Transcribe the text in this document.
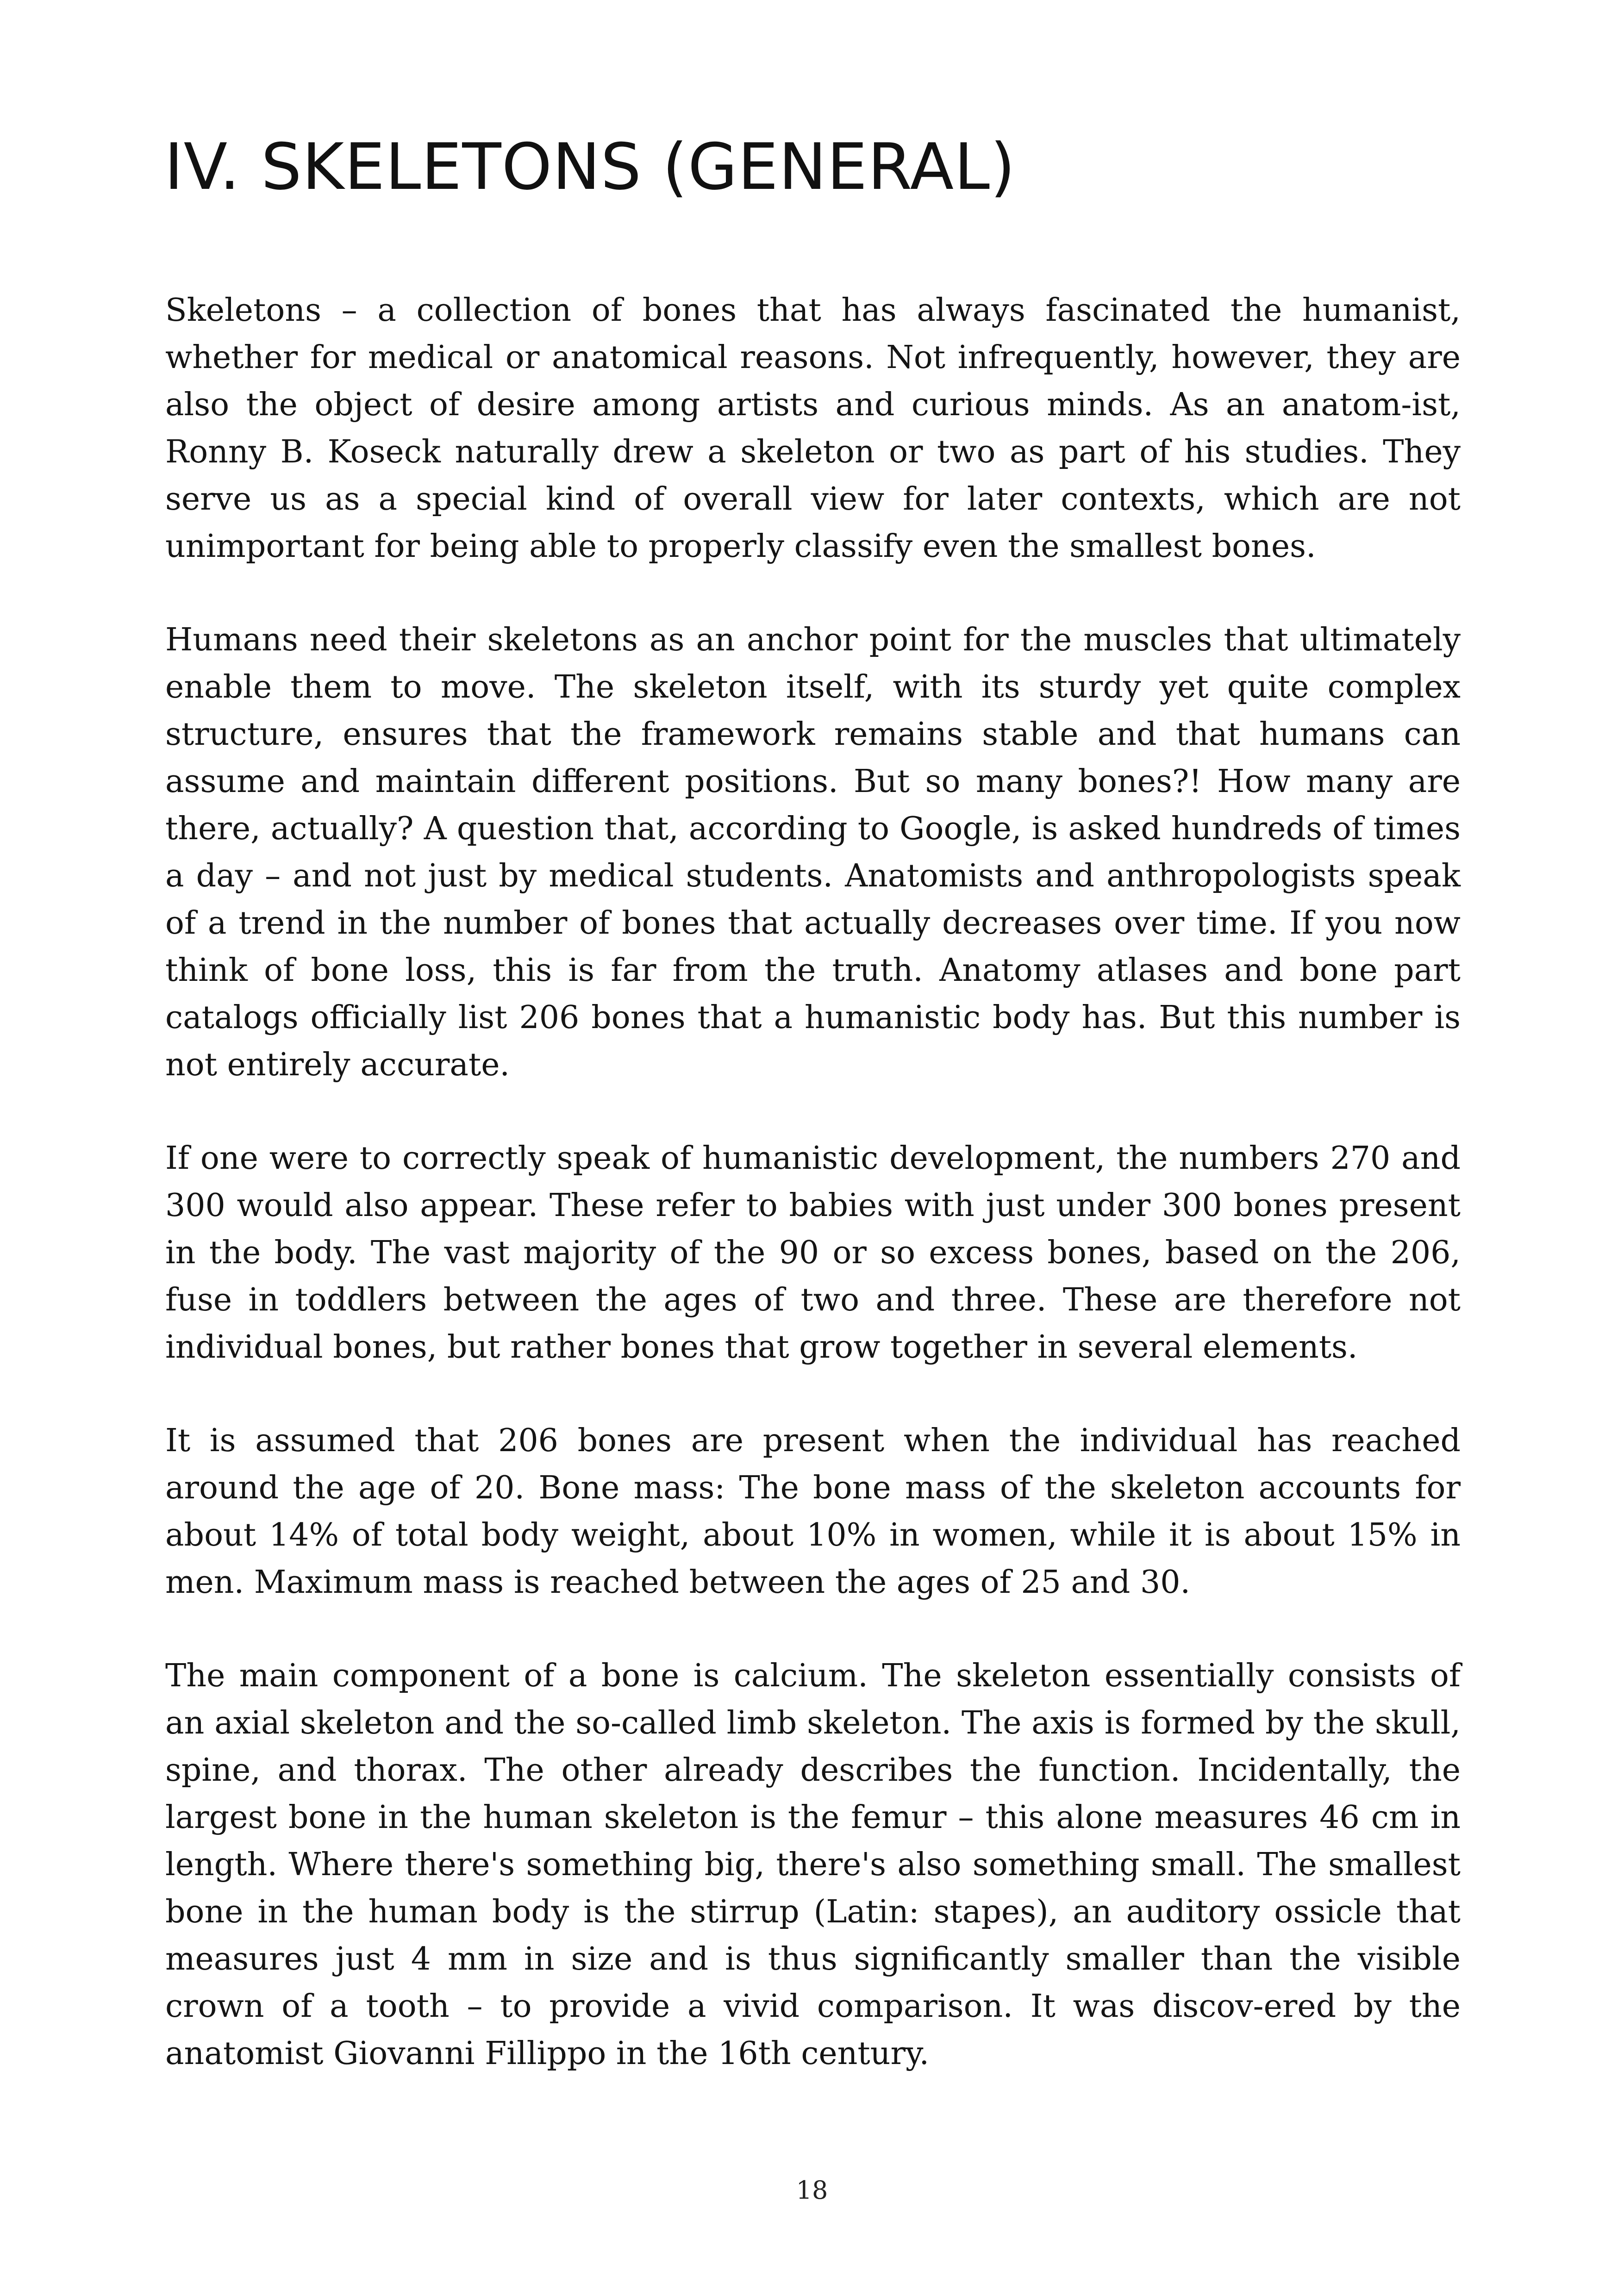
IV. SKELETONS (GENERAL)

Skeletons – a collection of bones that has always fascinated the humanist, whether for medical or anatomical reasons. Not infrequently, however, they are also the object of desire among artists and curious minds. As an anatom-ist, Ronny B. Koseck naturally drew a skeleton or two as part of his studies. They serve us as a special kind of overall view for later contexts, which are not unimportant for being able to properly classify even the smallest bones.

Humans need their skeletons as an anchor point for the muscles that ultimately enable them to move. The skeleton itself, with its sturdy yet quite complex structure, ensures that the framework remains stable and that humans can assume and maintain different positions. But so many bones?! How many are there, actually? A question that, according to Google, is asked hundreds of times a day – and not just by medical students. Anatomists and anthropologists speak of a trend in the number of bones that actually decreases over time. If you now think of bone loss, this is far from the truth. Anatomy atlases and bone part catalogs officially list 206 bones that a humanistic body has. But this number is not entirely accurate.

If one were to correctly speak of humanistic development, the numbers 270 and 300 would also appear. These refer to babies with just under 300 bones present in the body. The vast majority of the 90 or so excess bones, based on the 206, fuse in toddlers between the ages of two and three. These are therefore not individual bones, but rather bones that grow together in several elements.

It is assumed that 206 bones are present when the individual has reached around the age of 20. Bone mass: The bone mass of the skeleton accounts for about 14% of total body weight, about 10% in women, while it is about 15% in men. Maximum mass is reached between the ages of 25 and 30.

The main component of a bone is calcium. The skeleton essentially consists of an axial skeleton and the so-called limb skeleton. The axis is formed by the skull, spine, and thorax. The other already describes the function. Incidentally, the largest bone in the human skeleton is the femur – this alone measures 46 cm in length. Where there's something big, there's also something small. The smallest bone in the human body is the stirrup (Latin: stapes), an auditory ossicle that measures just 4 mm in size and is thus significantly smaller than the visible crown of a tooth – to provide a vivid comparison. It was discov-ered by the anatomist Giovanni Fillippo in the 16th century.

18
